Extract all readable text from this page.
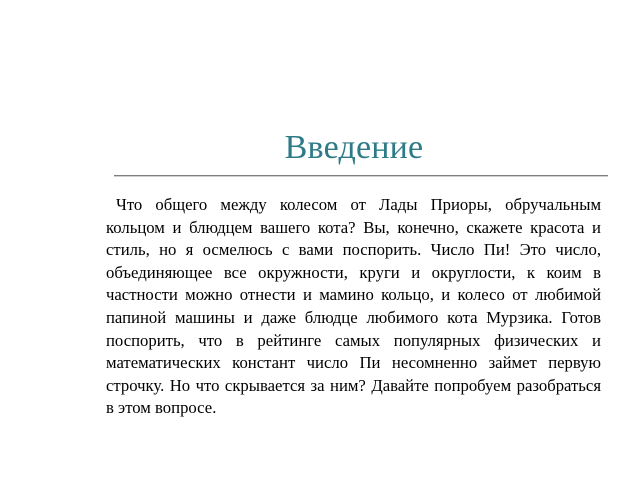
Введение

Что общего между колесом от Лады Приоры, обручальным кольцом и блюдцем вашего кота? Вы, конечно, скажете красота и стиль, но я осмелюсь с вами поспорить. Число Пи! Это число, объединяющее все окружности, круги и округлости, к коим в частности можно отнести и мамино кольцо, и колесо от любимой папиной машины и даже блюдце любимого кота Мурзика. Готов поспорить, что в рейтинге самых популярных физических и математических констант число Пи несомненно займет первую строчку. Но что скрывается за ним? Давайте попробуем разобраться в этом вопросе.
